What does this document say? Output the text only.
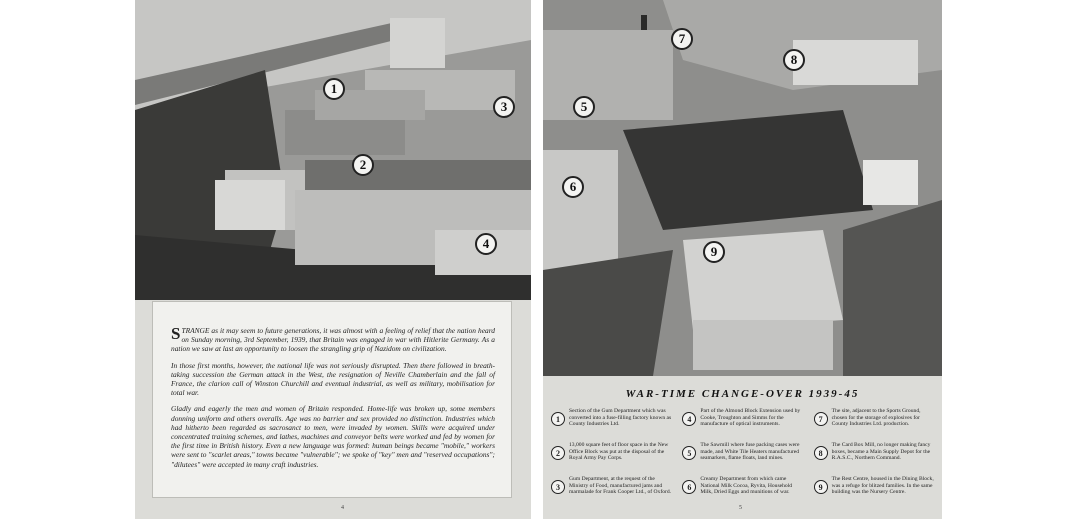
1
2
3
4

STRANGE as it may seem to future generations, it was almost with a feeling of relief that the nation heard on Sunday morning, 3rd September, 1939, that Britain was engaged in war with Hitlerite Germany. As a nation we saw at last an opportunity to loosen the strangling grip of Nazidom on civilization.

In those first months, however, the national life was not seriously disrupted. Then there followed in breath-taking succession the German attack in the West, the resignation of Neville Chamberlain and the fall of France, the clarion call of Winston Churchill and eventual industrial, as well as military, mobilisation for total war.

Gladly and eagerly the men and women of Britain responded. Home-life was broken up, some members donning uniform and others overalls. Age was no barrier and sex provided no distinction. Industries which had hitherto been regarded as sacrosanct to men, were invaded by women. Skills were acquired under concentrated training schemes, and lathes, machines and conveyor belts were worked and fed by women for the first time in British history. Even a new language was formed: human beings became "mobile," workers were sent to "scarlet areas," towns became "vulnerable"; we spoke of "key" men and "reserved occupations"; "dilutees" were accepted in many craft industries.

4
7
8
5
6
9
WAR-TIME CHANGE-OVER 1939-45
1
Section of the Gum Department which was converted into a fuse-filling factory known as County Industries Ltd.
4
Part of the Almond Block Extension used by Cooke, Troughton and Simms for the manufacture of optical instruments.
7
The site, adjacent to the Sports Ground, chosen for the storage of explosives for County Industries Ltd. production.
2
13,000 square feet of floor space in the New Office Block was put at the disposal of the Royal Army Pay Corps.
5
The Sawmill where fuse packing cases were made, and White Tile Heaters manufactured seamarkers, flame floats, land mines.
8
The Card Box Mill, no longer making fancy boxes, became a Main Supply Depot for the R.A.S.C., Northern Command.
3
Gum Department, at the request of the Ministry of Food, manufactured jams and marmalade for Frank Cooper Ltd., of Oxford.
6
Creamy Department from which came National Milk Cocoa, Ryvita, Household Milk, Dried Eggs and munitions of war.
9
The Rest Centre, housed in the Dining Block, was a refuge for blitzed families. In the same building was the Nursery Centre.
5
